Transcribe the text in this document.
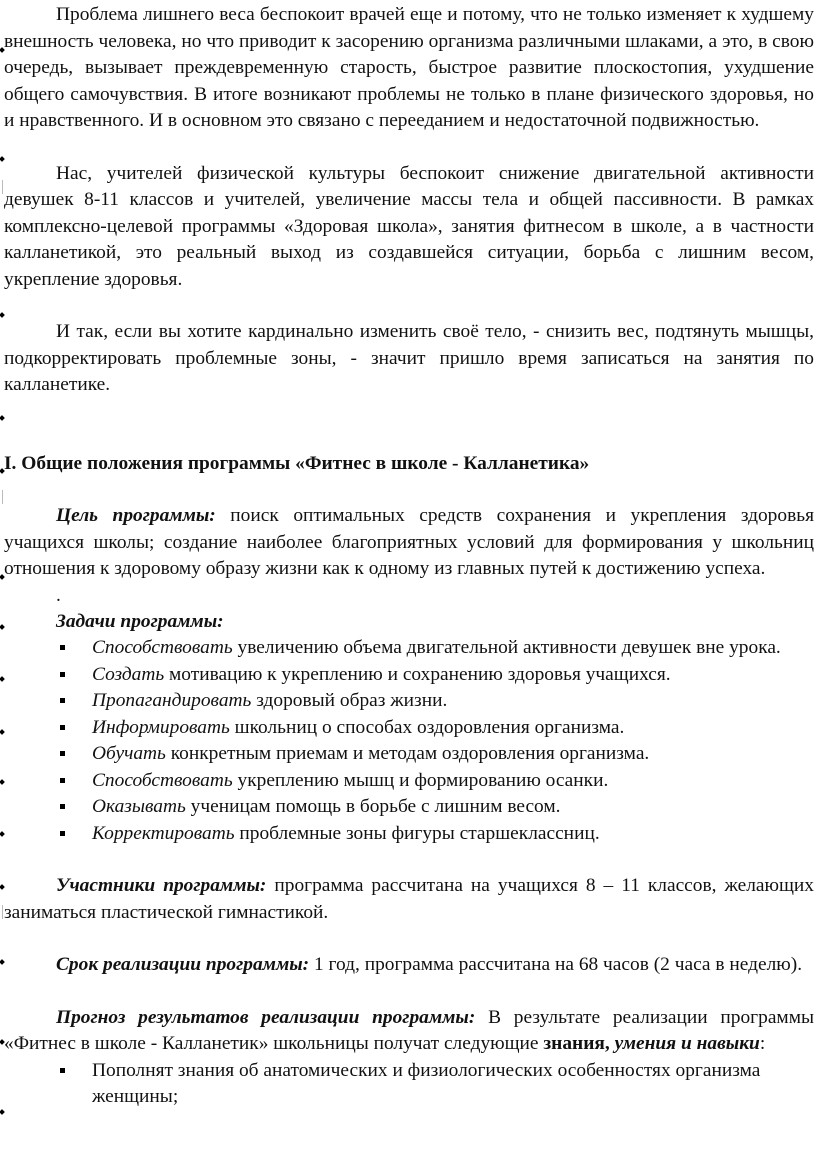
Проблема лишнего веса беспокоит врачей еще и потому, что не только изменяет к худшему внешность человека, но что приводит к засорению организма различными шлаками, а это, в свою очередь, вызывает преждевременную старость, быстрое развитие плоскостопия, ухудшение общего самочувствия. В итоге возникают проблемы не только в плане физического здоровья, но и нравственного. И в основном это связано с перееданием и недостаточной подвижностью.

Нас, учителей физической культуры беспокоит снижение двигательной активности девушек 8-11 классов и учителей, увеличение массы тела и общей пассивности. В рамках комплексно-целевой программы «Здоровая школа», занятия фитнесом в школе, а в частности калланетикой, это реальный выход из создавшейся ситуации, борьба с лишним весом, укрепление здоровья.

И так, если вы хотите кардинально изменить своё тело, - снизить вес, подтянуть мышцы, подкорректировать проблемные зоны, - значит пришло время записаться на занятия по калланетике.

I. Общие положения программы «Фитнес в школе - Калланетика»

Цель программы: поиск оптимальных средств сохранения и укрепления здоровья учащихся школы; создание наиболее благоприятных условий для формирования у школьниц отношения к здоровому образу жизни как к одному из главных путей к достижению успеха.

.

Задачи программы:

Способствовать увеличению объема двигательной активности девушек вне урока.
Создать мотивацию к укреплению и сохранению здоровья учащихся.
Пропагандировать здоровый образ жизни.
Информировать школьниц о способах оздоровления организма.
Обучать конкретным приемам и методам оздоровления организма.
Способствовать укреплению мышц и формированию осанки.
Оказывать ученицам помощь в борьбе с лишним весом.
Корректировать проблемные зоны фигуры старшеклассниц.

Участники программы: программа рассчитана на учащихся 8 – 11 классов, желающих заниматься пластической гимнастикой.

Срок реализации программы: 1 год, программа рассчитана на 68 часов (2 часа в неделю).

Прогноз результатов реализации программы: В результате реализации программы «Фитнес в школе - Калланетик» школьницы получат следующие знания, умения и навыки:

Пополнят знания об анатомических и физиологических особенностях организма женщины;
